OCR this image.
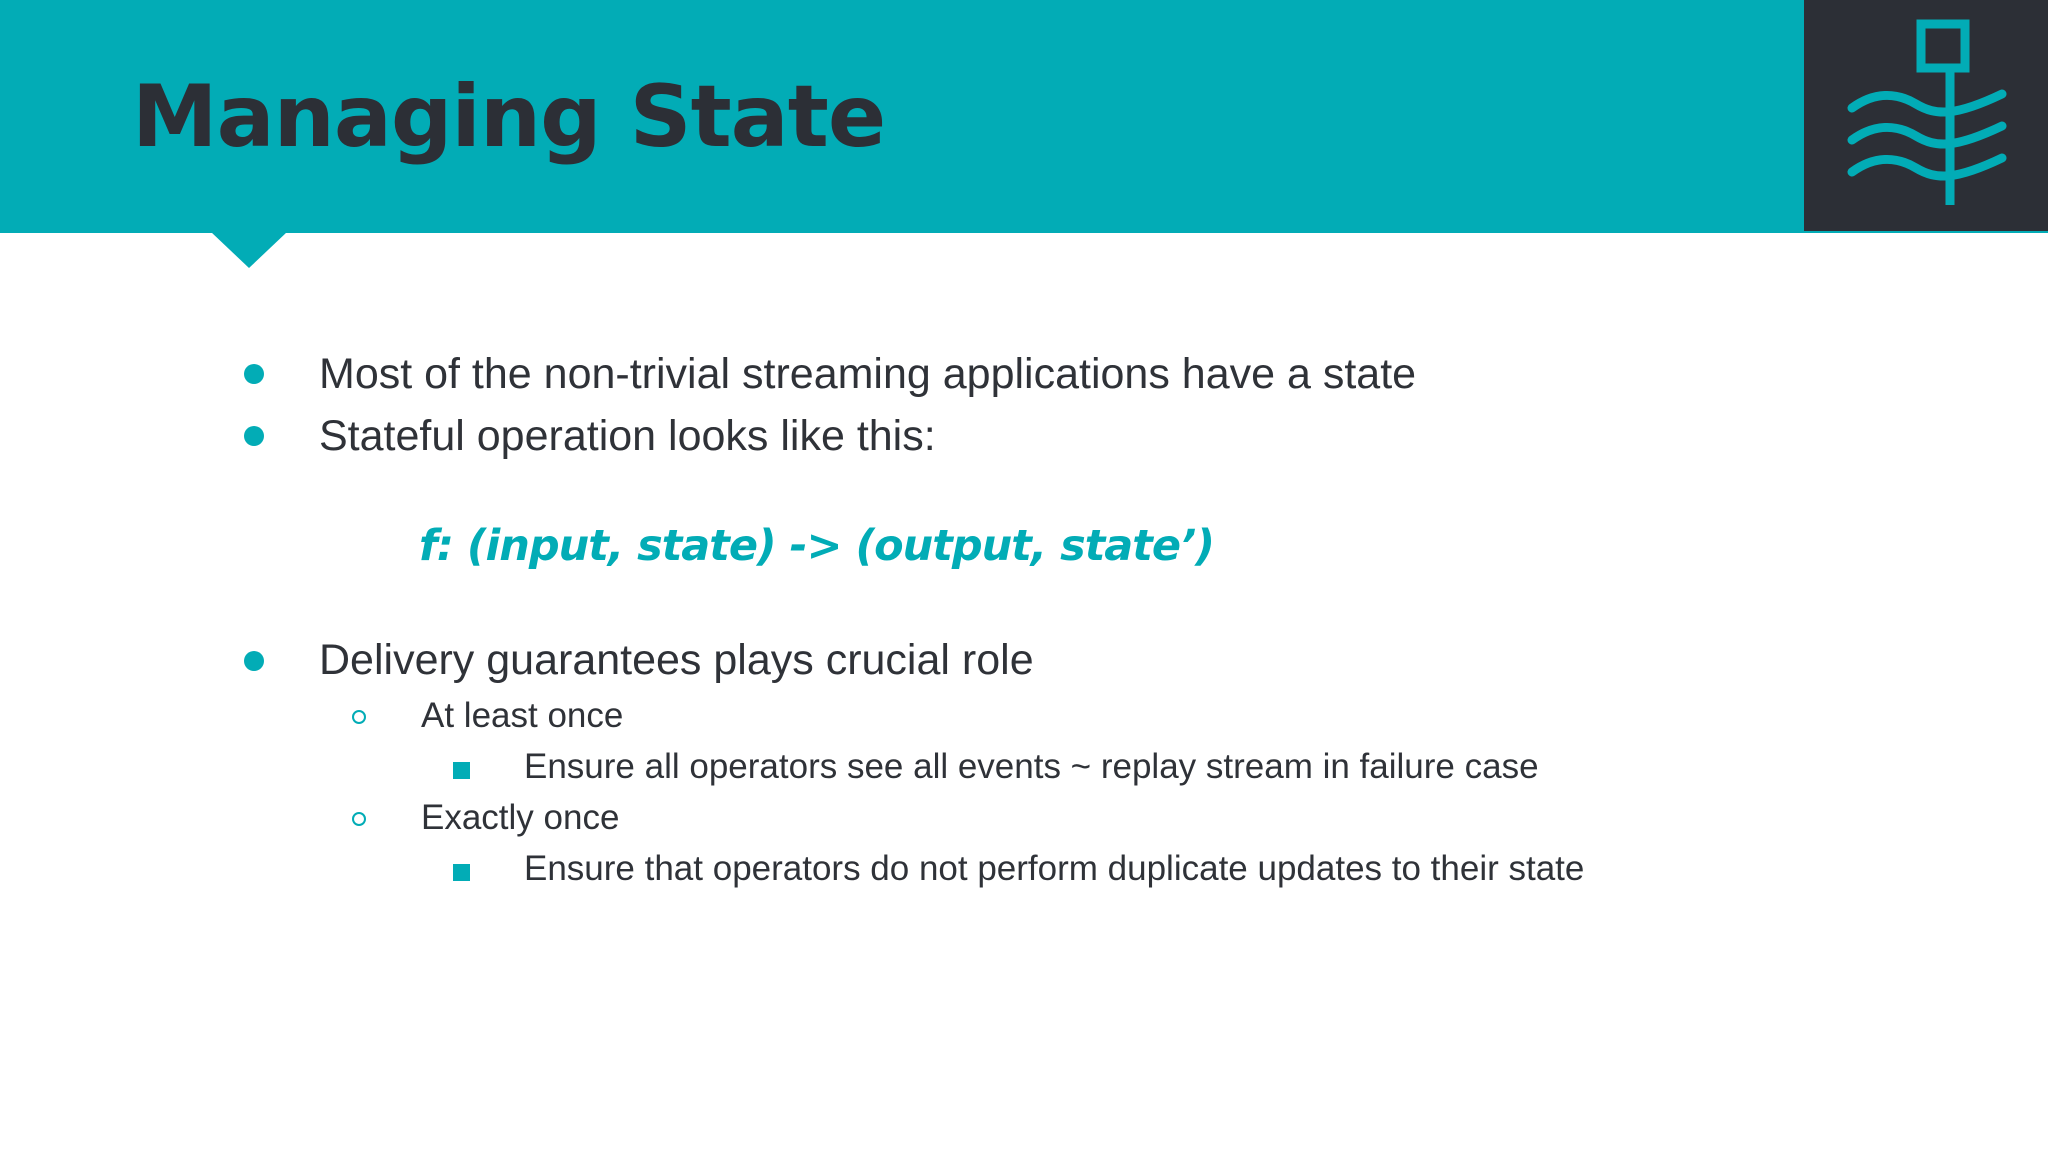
Managing State
Most of the non-trivial streaming applications have a state
Stateful operation looks like this:
f: (input, state) -> (output, state’)
Delivery guarantees plays crucial role
At least once
Ensure all operators see all events ~ replay stream in failure case
Exactly once
Ensure that operators do not perform duplicate updates to their state
